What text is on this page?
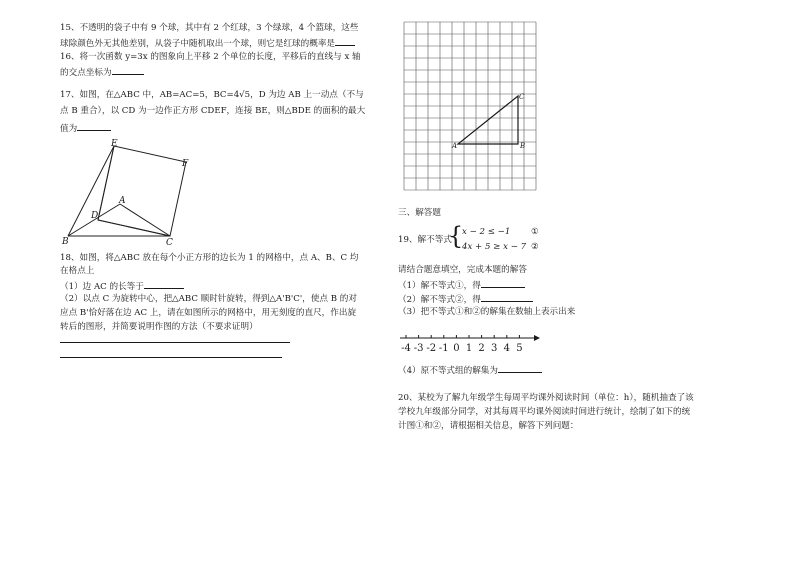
15、不透明的袋子中有 9 个球，其中有 2 个红球，3 个绿球，4 个篮球，这些
球除颜色外无其他差别，从袋子中随机取出一个球，则它是红球的概率是
16、将一次函数 y=3x 的图象向上平移 2 个单位的长度，平移后的直线与 x 轴
的交点坐标为
17、如图，在△ABC 中，AB=AC=5，BC=4√5，D 为边 AB 上一动点（不与
点 B 重合），以 CD 为一边作正方形 CDEF，连接 BE，则△BDE 的面积的最大
值为
E
F
A
D
B	C
18、如图，将△ABC 放在每个小正方形的边长为 1 的网格中，点 A、B、C 均
在格点上
（1）边 AC 的长等于
（2）以点 C 为旋转中心，把△ABC 顺时针旋转，得到△A'B'C'，使点 B 的对
应点 B'恰好落在边 AC 上，请在如图所示的网格中，用无刻度的直尺，作出旋
转后的图形，并简要说明作图的方法（不要求证明）
A	B
C
三、解答题
19、解不等式
{
x − 2 ≤ −1 ①
4x + 5 ≥ x − 7 ②
请结合题意填空，完成本题的解答
（1）解不等式①，得
（2）解不等式②，得
（3）把不等式①和②的解集在数轴上表示出来
-4 -3 -2 -1 0 1 2 3 4 5
（4）原不等式组的解集为
20、某校为了解九年级学生每周平均课外阅读时间（单位：h），随机抽查了该
学校九年级部分同学，对其每周平均课外阅读时间进行统计，绘制了如下的统
计图①和②，请根据相关信息，解答下列问题：
